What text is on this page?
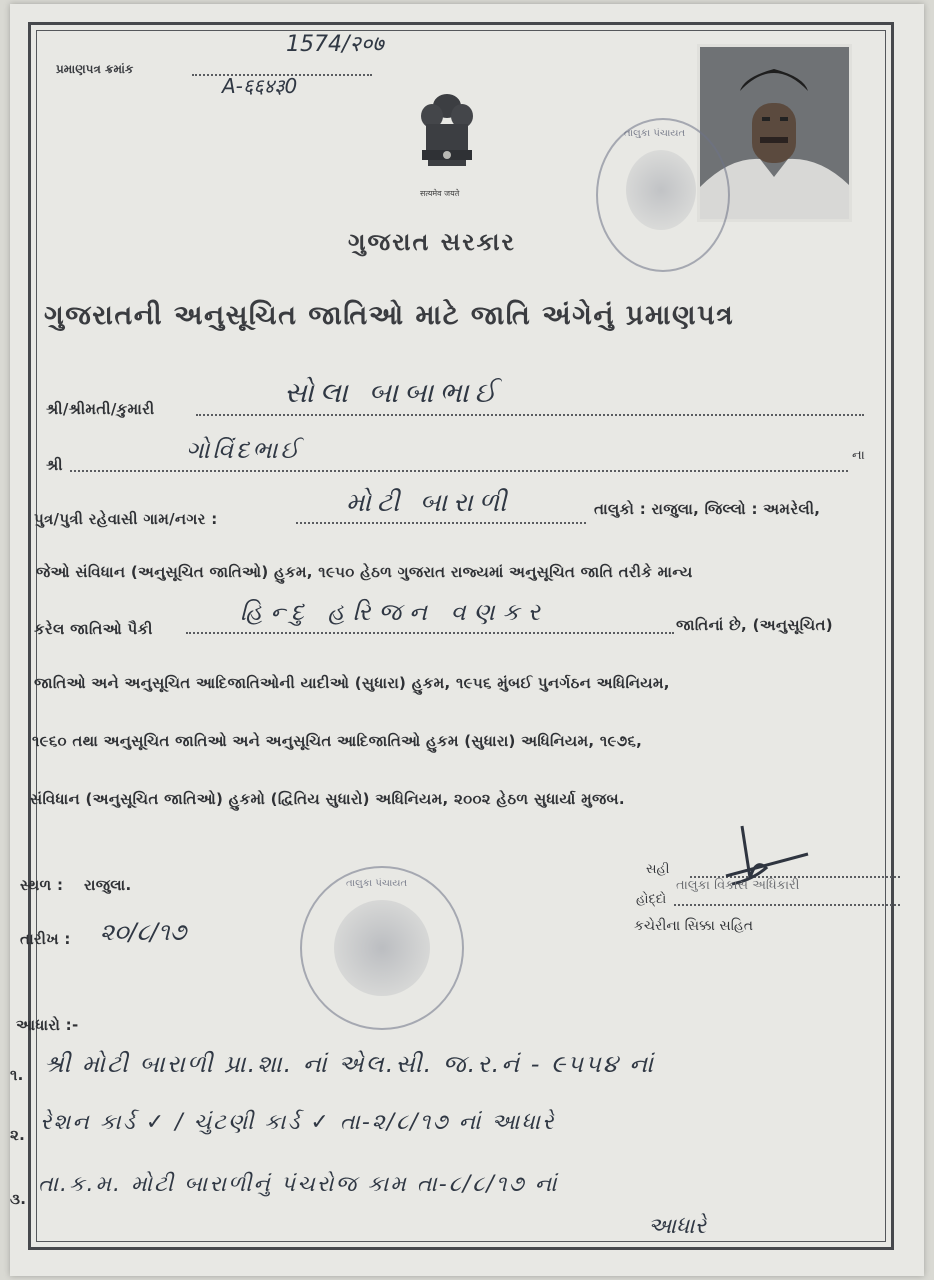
પ્રમાણપત્ર ક્રમાંક
1574/२०७
A-६६४३0
सत्यमेव जयते
તાલુકા પંચાયત
ગુજરાત સરકાર
ગુજરાતની અનુસૂચિત જાતિઓ માટે જાતિ અંગેનું પ્રમાણપત્ર
શ્રી/શ્રીમતી/કુમારી	સોલા બાબાભાઈ
શ્રી
ગોવિંદભાઈ	ના
પુત્ર/પુત્રી રહેવાસી ગામ/નગર :
મોટી બારાળી	તાલુકો : રાજુલા, જિલ્લો : અમરેલી,
જેઓ સંવિધાન (અનુસૂચિત જાતિઓ) હુકમ, ૧૯૫૦ હેઠળ ગુજરાત રાજ્યમાં અનુસૂચિત જાતિ તરીકે માન્ય
કરેલ જાતિઓ પૈકી
હિન્દુ હરિજન વણકર	જાતિનાં છે, (અનુસૂચિત)
જાતિઓ અને અનુસૂચિત આદિજાતિઓની યાદીઓ (સુધારા) હુકમ, ૧૯૫૬ મુંબઈ પુનર્ગઠન અધિનિયમ,
૧૯૬૦ તથા અનુસૂચિત જાતિઓ અને અનુસૂચિત આદિજાતિઓ હુકમ (સુધારા) અધિનિયમ, ૧૯૭૬,
સંવિધાન (અનુસૂચિત જાતિઓ) હુકમો (દ્વિતિય સુધારો) અધિનિયમ, ૨૦૦૨ હેઠળ સુધાર્યા મુજબ.
સ્થળ : રાજુલા.
તારીખ : ૨૦/૮/૧૭
તાલુકા પંચાયત
સહી
હોદ્દો
તાલુકા વિકાસ અધિકારી
કચેરીના સિક્કા સહિત
આધારો :-
૧. શ્રી મોટી બારાળી પ્રા.શા. નાં એલ.સી. જ.ર.નં - ૯૫૫૪ નાં
૨. રેશન કાર્ડ ✓ / ચુંટણી કાર્ડ ✓ તા-૨/૮/૧૭ નાં આધારે
૩.
તા.ક.મ. મોટી બારાળીનું પંચરોજ કામ તા-૮/૮/૧૭ નાં
આધારે
